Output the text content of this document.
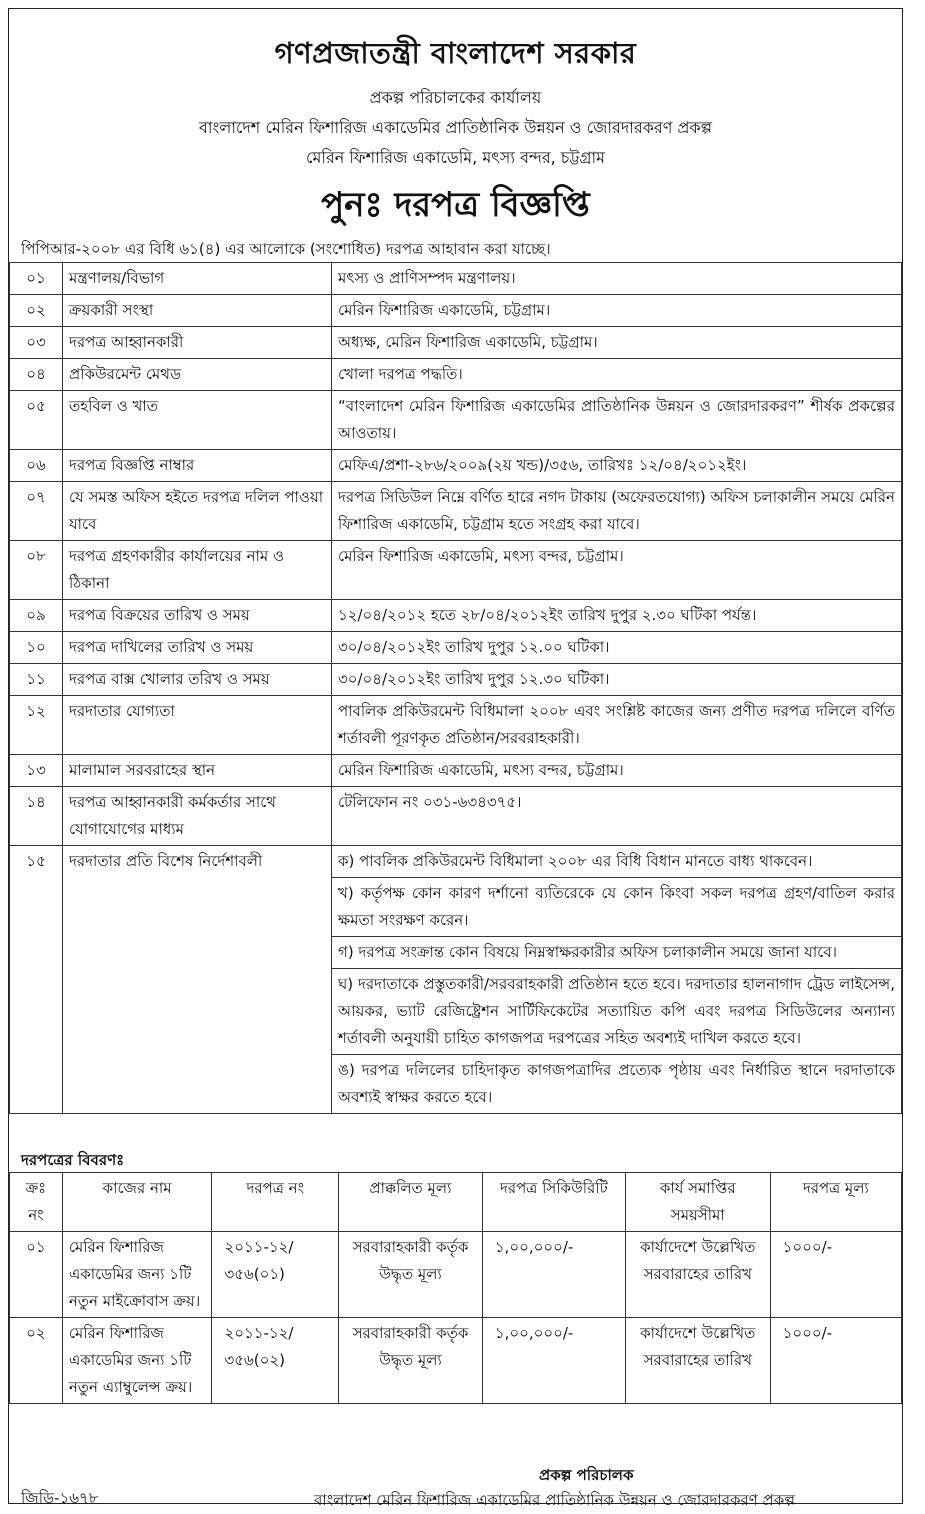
গণপ্রজাতন্ত্রী বাংলাদেশ সরকার
প্রকল্প পরিচালকের কার্যালয়
বাংলাদেশ মেরিন ফিশারিজ একাডেমির প্রাতিষ্ঠানিক উন্নয়ন ও জোরদারকরণ প্রকল্প
মেরিন ফিশারিজ একাডেমি, মৎস্য বন্দর, চট্টগ্রাম
পুনঃ দরপত্র বিজ্ঞপ্তি
পিপিআর-২০০৮ এর বিধি ৬১(৪) এর আলোকে (সংশোধিত) দরপত্র আহাবান করা যাচ্ছে।
০১	মন্ত্রণালয়/বিভাগ	মৎস্য ও প্রাণিসম্পদ মন্ত্রণালয়।
০২	ক্রয়কারী সংস্থা	মেরিন ফিশারিজ একাডেমি, চট্টগ্রাম।
০৩	দরপত্র আহ্বানকারী	অধ্যক্ষ, মেরিন ফিশারিজ একাডেমি, চট্টগ্রাম।
০৪	প্রকিউরমেন্ট মেথড	খোলা দরপত্র পদ্ধতি।
০৫	তহবিল ও খাত	“বাংলাদেশ মেরিন ফিশারিজ একাডেমির প্রাতিষ্ঠানিক উন্নয়ন ও জোরদারকরণ” শীর্ষক প্রকল্পের আওতায়।
০৬	দরপত্র বিজ্ঞপ্তি নাম্বার	মেফিএ/প্রশা-২৮৬/২০০৯(২য় খন্ড)/৩৫৬, তারিখঃ ১২/০৪/২০১২ইং।
০৭	যে সমস্ত অফিস হইতে দরপত্র দলিল পাওয়া যাবে	দরপত্র সিডিউল নিম্নে বর্ণিত হারে নগদ টাকায় (অফেরতযোগ্য) অফিস চলাকালীন সময়ে মেরিন ফিশারিজ একাডেমি, চট্টগ্রাম হতে সংগ্রহ করা যাবে।
০৮	দরপত্র গ্রহণকারীর কার্যালয়ের নাম ও ঠিকানা	মেরিন ফিশারিজ একাডেমি, মৎস্য বন্দর, চট্টগ্রাম।
০৯	দরপত্র বিক্রয়ের তারিখ ও সময়	১২/০৪/২০১২ হতে ২৮/০৪/২০১২ইং তারিখ দুপুর ২.৩০ ঘটিকা পর্যন্ত।
১০	দরপত্র দাখিলের তারিখ ও সময়	৩০/০৪/২০১২ইং তারিখ দুপুর ১২.০০ ঘটিকা।
১১	দরপত্র বাক্স খোলার তরিখ ও সময়	৩০/০৪/২০১২ইং তারিখ দুপুর ১২.৩০ ঘটিকা।
১২	দরদাতার যোগ্যতা	পাবলিক প্রকিউরমেন্ট বিধিমালা ২০০৮ এবং সংশ্লিষ্ট কাজের জন্য প্রণীত দরপত্র দলিলে বর্ণিত শর্তাবলী পূরণকৃত প্রতিষ্ঠান/সরবরাহকারী।
১৩	মালামাল সরবরাহের স্থান	মেরিন ফিশারিজ একাডেমি, মৎস্য বন্দর, চট্টগ্রাম।
১৪	দরপত্র আহ্বানকারী কর্মকর্তার সাথে যোগাযোগের মাধ্যম	টেলিফোন নং ০৩১-৬৩৪৩৭৫।
১৫	দরদাতার প্রতি বিশেষ নির্দেশাবলী	ক) পাবলিক প্রকিউরমেন্ট বিধিমালা ২০০৮ এর বিধি বিধান মানতে বাধ্য থাকবেন।
		খ) কর্তৃপক্ষ কোন কারণ দর্শানো ব্যতিরেকে যে কোন কিংবা সকল দরপত্র গ্রহণ/বাতিল করার ক্ষমতা সংরক্ষণ করেন।
		গ) দরপত্র সংক্রান্ত কোন বিষয়ে নিম্নস্বাক্ষরকারীর অফিস চলাকালীন সময়ে জানা যাবে।
		ঘ) দরদাতাকে প্রস্তুতকারী/সরবরাহকারী প্রতিষ্ঠান হতে হবে। দরদাতার হালনাগাদ ট্রেড লাইসেন্স, আয়কর, ভ্যাট রেজিষ্ট্রেশন সার্টিফিকেটের সত্যায়িত কপি এবং দরপত্র সিডিউলের অন্যান্য শর্তাবলী অনুযায়ী চাহিত কাগজপত্র দরপত্রের সহিত অবশ্যই দাখিল করতে হবে।
		ঙ) দরপত্র দলিলের চাহিদাকৃত কাগজপত্রাদির প্রত্যেক পৃষ্ঠায় এবং নির্ধারিত স্থানে দরদাতাকে অবশ্যই স্বাক্ষর করতে হবে।
দরপত্রের বিবরণঃ
ক্রঃ নং	কাজের নাম	দরপত্র নং	প্রাক্কলিত মূল্য	দরপত্র সিকিউরিটি	কার্য সমাপ্তির সময়সীমা	দরপত্র মূল্য
০১	মেরিন ফিশারিজ একাডেমির জন্য ১টি নতুন মাইক্রোবাস ক্রয়।	২০১১-১২/ ৩৫৬(০১)	সরবারাহকারী কর্তৃক উদ্ধৃত মূল্য	১,০০,০০০/-	কার্যাদেশে উল্লেখিত সরবারাহের তারিখ	১০০০/-
০২	মেরিন ফিশারিজ একাডেমির জন্য ১টি নতুন এ্যাম্বুলেন্স ক্রয়।	২০১১-১২/ ৩৫৬(০২)	সরবারাহকারী কর্তৃক উদ্ধৃত মূল্য	১,০০,০০০/-	কার্যাদেশে উল্লেখিত সরবারাহের তারিখ	১০০০/-
প্রকল্প পরিচালক
জিডি-১৬৭৮	বাংলাদেশ মেরিন ফিশারিজ একাডেমির প্রাতিষ্ঠানিক উন্নয়ন ও জোরদারকরণ প্রকল্প
